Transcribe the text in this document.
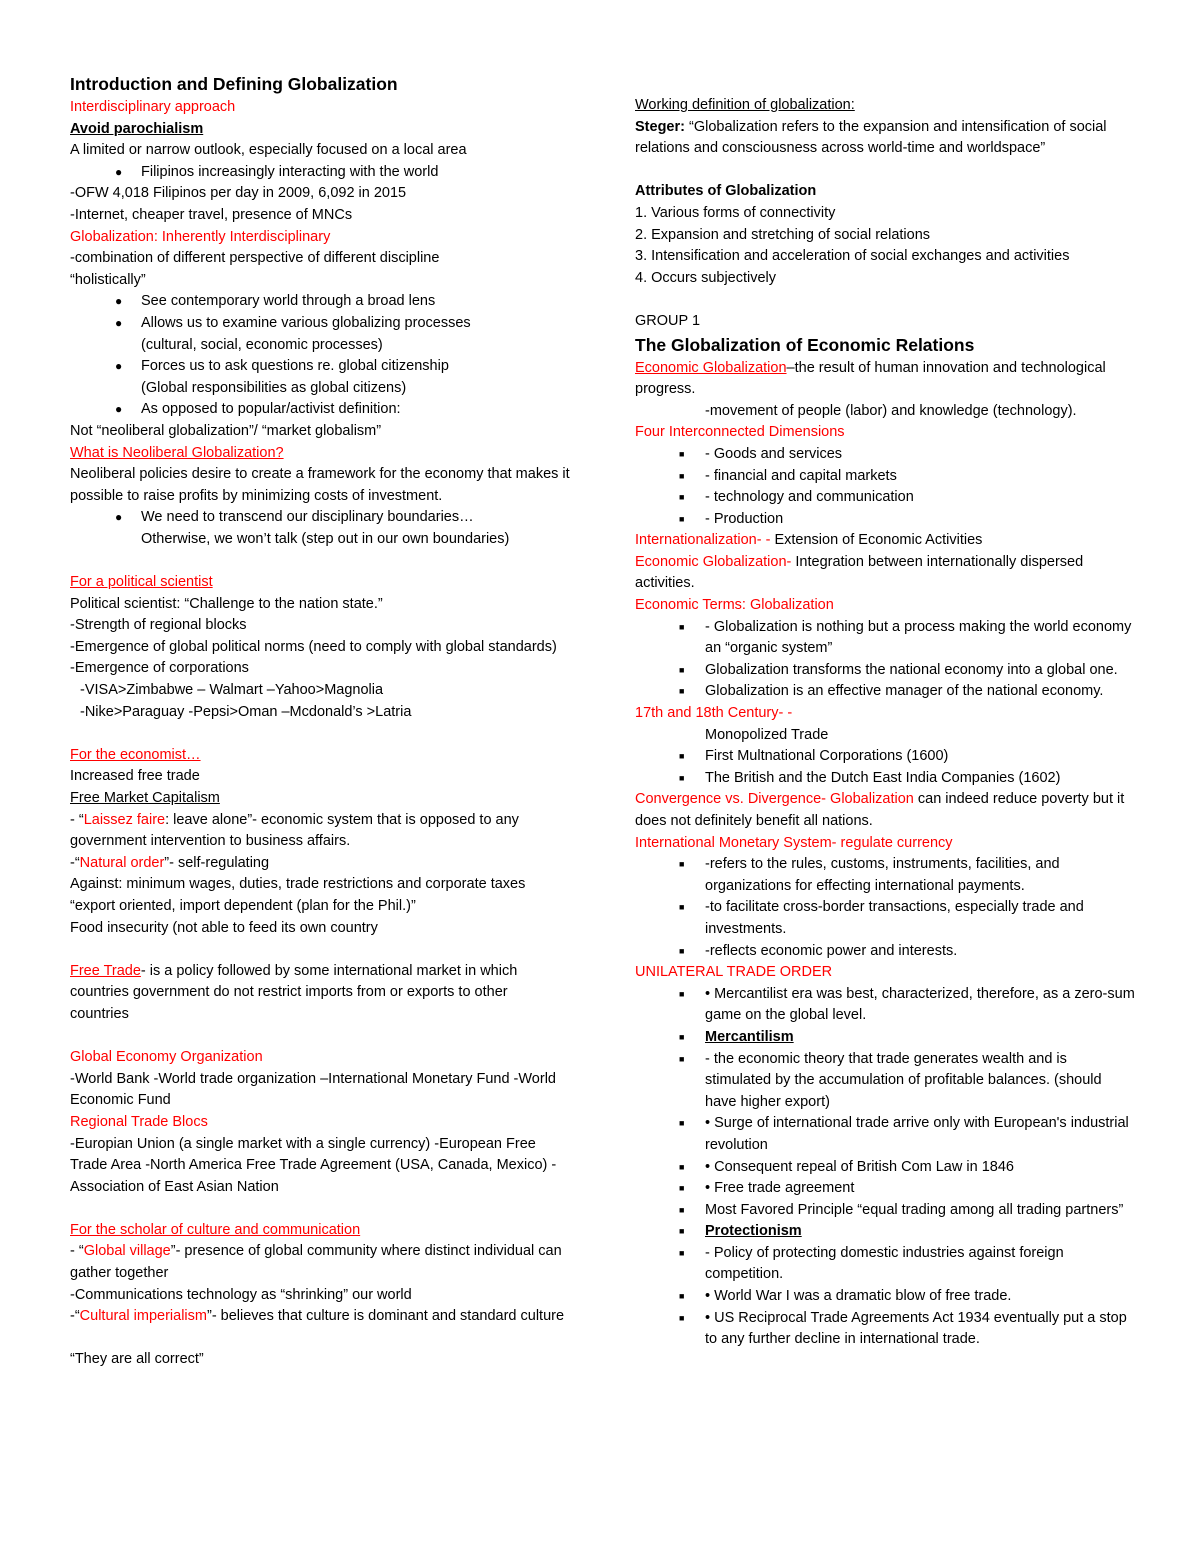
Introduction and Defining Globalization
Interdisciplinary approach
Avoid parochialism
A limited or narrow outlook, especially focused on a local area
●	Filipinos increasingly interacting with the world
-OFW 4,018 Filipinos per day in 2009, 6,092 in 2015
-Internet, cheaper travel, presence of MNCs
Globalization: Inherently Interdisciplinary
-combination of different perspective of different discipline
“holistically”
●	See contemporary world through a broad lens
●	Allows us to examine various globalizing processes
(cultural, social, economic processes)
●	Forces us to ask questions re. global citizenship
(Global responsibilities as global citizens)
●	As opposed to popular/activist definition:
Not “neoliberal globalization”/ “market globalism”
What is Neoliberal Globalization?
Neoliberal policies desire to create a framework for the economy that makes it possible to raise profits by minimizing costs of investment.
●	We need to transcend our disciplinary boundaries…
Otherwise, we won’t talk (step out in our own boundaries)
For a political scientist
Political scientist: “Challenge to the nation state.”
-Strength of regional blocks
-Emergence of global political norms (need to comply with global standards)
-Emergence of corporations
-VISA>Zimbabwe – Walmart –Yahoo>Magnolia
-Nike>Paraguay -Pepsi>Oman –Mcdonald’s >Latria
For the economist…
Increased free trade
Free Market Capitalism
- “Laissez faire: leave alone”- economic system that is opposed to any government intervention to business affairs.
-“Natural order”- self-regulating
Against: minimum wages, duties, trade restrictions and corporate taxes
“export oriented, import dependent (plan for the Phil.)”
Food insecurity (not able to feed its own country
Free Trade- is a policy followed by some international market in which countries government do not restrict imports from or exports to other countries
Global Economy Organization
-World Bank -World trade organization –International Monetary Fund -World Economic Fund
Regional Trade Blocs
-Europian Union (a single market with a single currency) -European Free Trade Area -North America Free Trade Agreement (USA, Canada, Mexico) -Association of East Asian Nation
For the scholar of culture and communication
- “Global village”- presence of global community where distinct individual can gather together
-Communications technology as “shrinking” our world
-“Cultural imperialism”- believes that culture is dominant and standard culture
“They are all correct”
Working definition of globalization:
Steger: “Globalization refers to the expansion and intensification of social relations and consciousness across world-time and worldspace”
Attributes of Globalization
1. Various forms of connectivity
2. Expansion and stretching of social relations
3. Intensification and acceleration of social exchanges and activities
4. Occurs subjectively
GROUP 1
The Globalization of Economic Relations
Economic Globalization–the result of human innovation and technological progress.
-movement of people (labor) and knowledge (technology).
Four Interconnected Dimensions
■	- Goods and services
■	- financial and capital markets
■	- technology and communication
■	- Production
Internationalization- - Extension of Economic Activities
Economic Globalization- Integration between internationally dispersed activities.
Economic Terms: Globalization
■	- Globalization is nothing but a process making the world economy an “organic system”
■	Globalization transforms the national economy into a global one.
■	Globalization is an effective manager of the national economy.
17th and 18th Century- -
Monopolized Trade
■	First Multnational Corporations (1600)
■	The British and the Dutch East India Companies (1602)
Convergence vs. Divergence- Globalization can indeed reduce poverty but it does not definitely benefit all nations.
International Monetary System- regulate currency
■	-refers to the rules, customs, instruments, facilities, and organizations for effecting international payments.
■	-to facilitate cross-border transactions, especially trade and investments.
■	-reflects economic power and interests.
UNILATERAL TRADE ORDER
■	• Mercantilist era was best, characterized, therefore, as a zero-sum game on the global level.
■	Mercantilism
■	- the economic theory that trade generates wealth and is stimulated by the accumulation of profitable balances. (should have higher export)
■	• Surge of international trade arrive only with European's industrial revolution
■	• Consequent repeal of British Com Law in 1846
■	• Free trade agreement
■	Most Favored Principle “equal trading among all trading partners”
■	Protectionism
■	- Policy of protecting domestic industries against foreign competition.
■	• World War I was a dramatic blow of free trade.
■	• US Reciprocal Trade Agreements Act 1934 eventually put a stop to any further decline in international trade.
